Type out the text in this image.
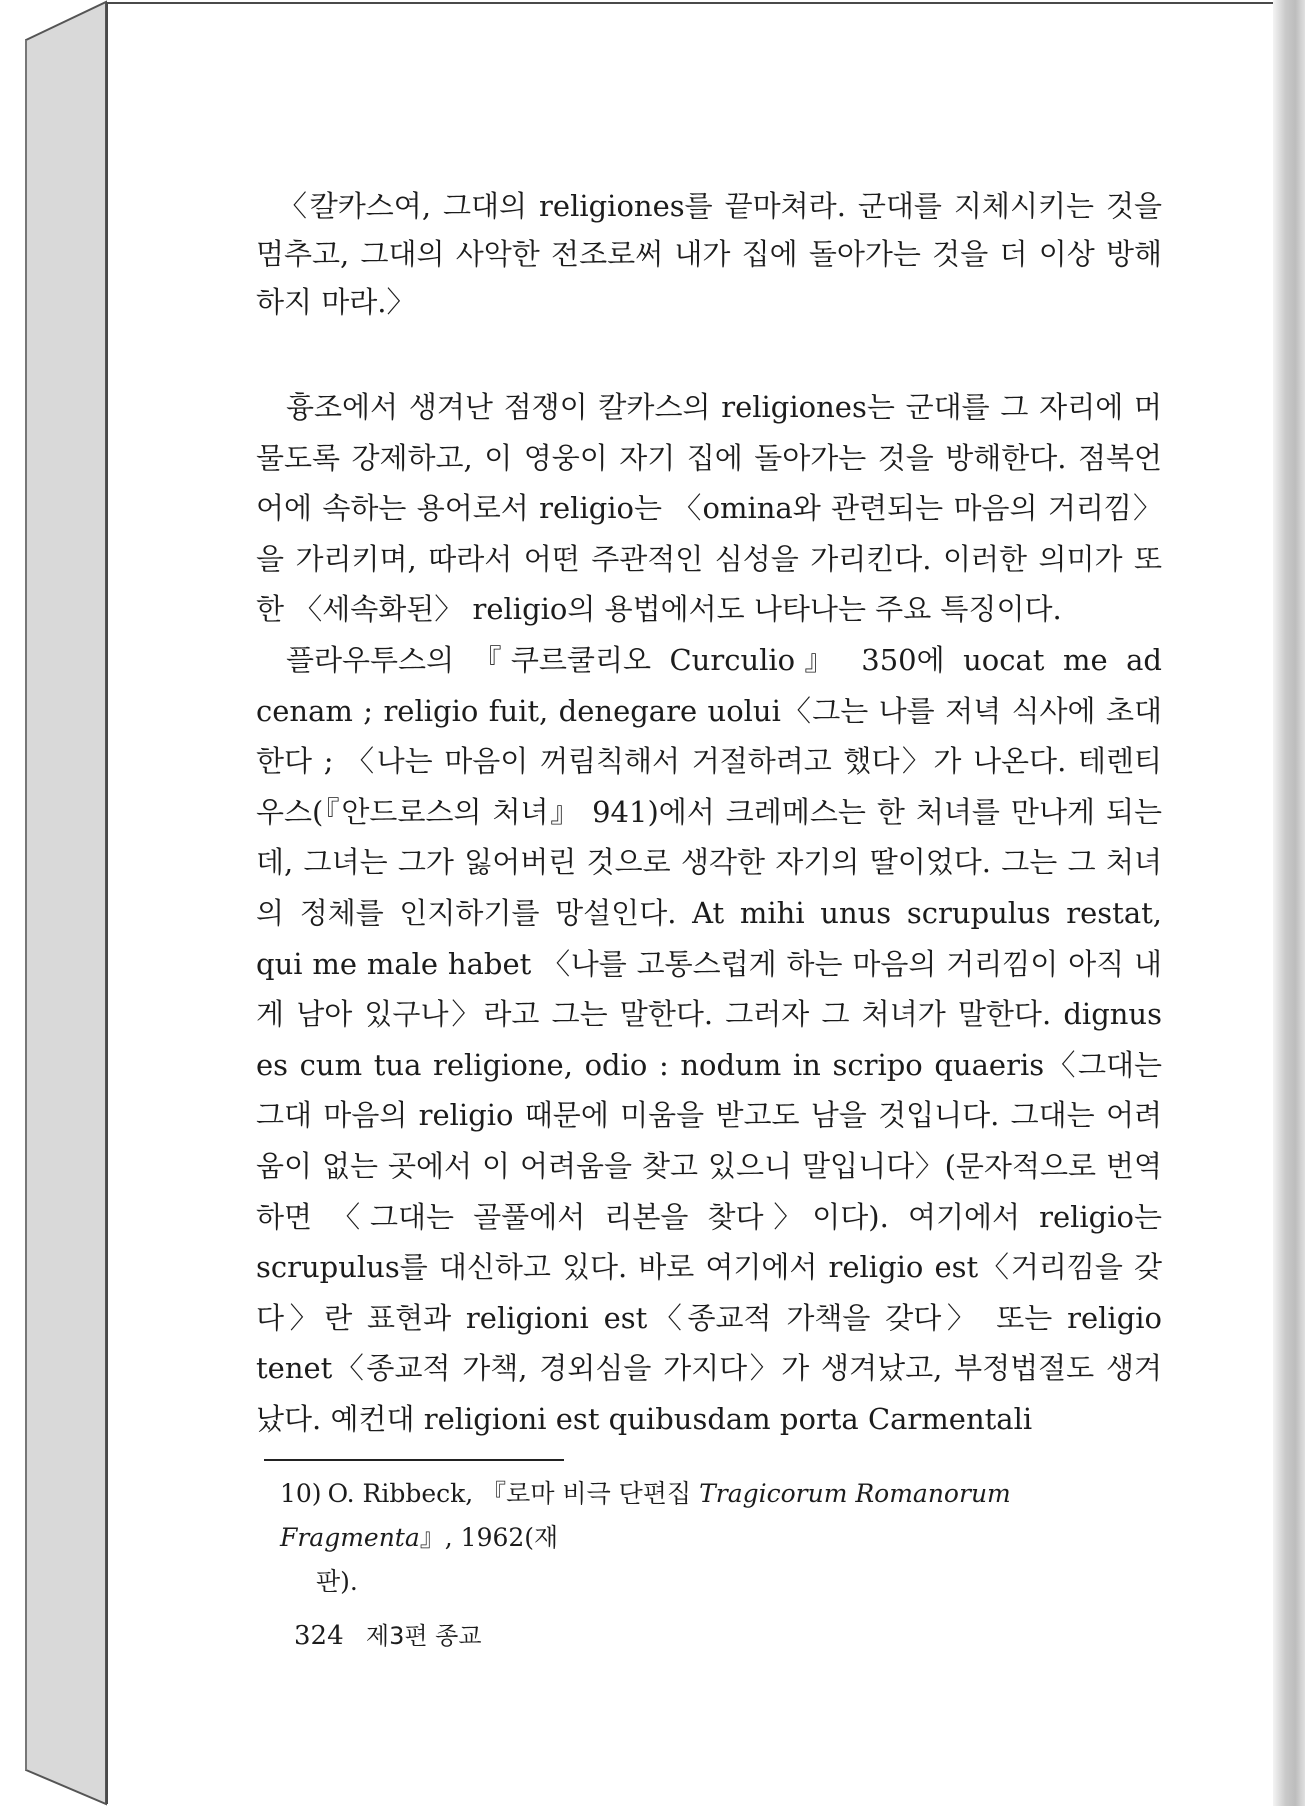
〈칼카스여, 그대의 religiones를 끝마쳐라. 군대를 지체시키는 것을 멈추고, 그대의 사악한 전조로써 내가 집에 돌아가는 것을 더 이상 방해하지 마라.〉

흉조에서 생겨난 점쟁이 칼카스의 religiones는 군대를 그 자리에 머물도록 강제하고, 이 영웅이 자기 집에 돌아가는 것을 방해한다. 점복언어에 속하는 용어로서 religio는 〈omina와 관련되는 마음의 거리낌〉을 가리키며, 따라서 어떤 주관적인 심성을 가리킨다. 이러한 의미가 또한 〈세속화된〉 religio의 용법에서도 나타나는 주요 특징이다.

플라우투스의 『쿠르쿨리오 Curculio』 350에 uocat me ad cenam ; religio fuit, denegare uolui〈그는 나를 저녁 식사에 초대한다 ; 〈나는 마음이 꺼림칙해서 거절하려고 했다〉가 나온다. 테렌티우스(『안드로스의 처녀』 941)에서 크레메스는 한 처녀를 만나게 되는데, 그녀는 그가 잃어버린 것으로 생각한 자기의 딸이었다. 그는 그 처녀의 정체를 인지하기를 망설인다. At mihi unus scrupulus restat, qui me male habet 〈나를 고통스럽게 하는 마음의 거리낌이 아직 내게 남아 있구나〉라고 그는 말한다. 그러자 그 처녀가 말한다. dignus es cum tua religione, odio : nodum in scripo quaeris〈그대는 그대 마음의 religio 때문에 미움을 받고도 남을 것입니다. 그대는 어려움이 없는 곳에서 이 어려움을 찾고 있으니 말입니다〉(문자적으로 번역하면 〈그대는 골풀에서 리본을 찾다〉이다). 여기에서 religio는 scrupulus를 대신하고 있다. 바로 여기에서 religio est〈거리낌을 갖다〉란 표현과 religioni est〈종교적 가책을 갖다〉 또는 religio tenet〈종교적 가책, 경외심을 가지다〉가 생겨났고, 부정법절도 생겨났다. 예컨대 religioni est quibusdam porta Carmentali

10) O. Ribbeck, 『로마 비극 단편집 Tragicorum Romanorum Fragmenta』, 1962(재
판).
324 제3편 종교
